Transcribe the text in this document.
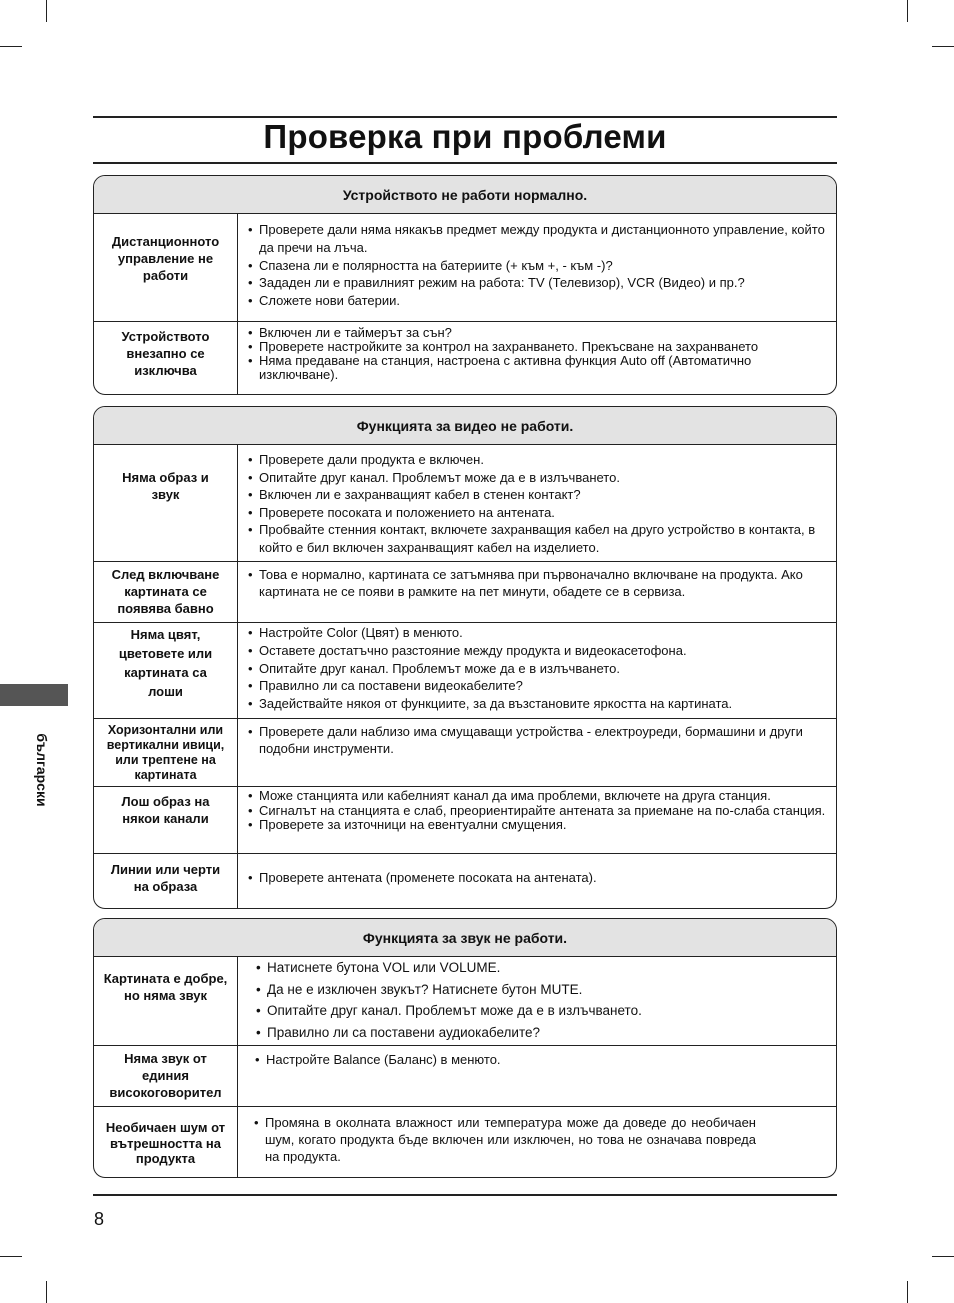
Проверка при проблеми
български
Устройството не работи нормално.
Дистанционното управление не работи
• Проверете дали няма някакъв предмет между продукта и дистанционното управление, който да пречи на лъча.
• Спазена ли е полярността на батериите (+ към +, - към -)?
• Зададен ли е правилният режим на работа: TV (Телевизор), VCR (Видео) и пр.?
• Сложете нови батерии.
Устройството внезапно се изключва
• Включен ли е таймерът за сън?
• Проверете настройките за контрол на захранването. Прекъсване на захранването
• Няма предаване на станция, настроена с активна функция Auto off (Автоматично изключване).
Функцията за видео не работи.
Няма образ и звук
• Проверете дали продукта е включен.
• Опитайте друг канал. Проблемът може да е в излъчването.
• Включен ли е захранващият кабел в стенен контакт?
• Проверете посоката и положението на антената.
• Пробвайте стенния контакт, включете захранващия кабел на друго устройство в контакта, в който е бил включен захранващият кабел на изделието.
След включване картината се появява бавно
• Това е нормално, картината се затъмнява при първоначално включване на продукта. Ако картината не се появи в рамките на пет минути, обадете се в сервиза.
Няма цвят, цветовете или картината са лоши
• Настройте Color (Цвят) в менюто.
• Оставете достатъчно разстояние между продукта и видеокасетофона.
• Опитайте друг канал. Проблемът може да е в излъчването.
• Правилно ли са поставени видеокабелите?
• Задействайте някоя от функциите, за да възстановите яркостта на картината.
Хоризонтални или вертикални ивици, или трептене на картината
• Проверете дали наблизо има смущаващи устройства - електроуреди, бормашини и други подобни инструменти.
Лош образ на някои канали
• Може станцията или кабелният канал да има проблеми, включете на друга станция.
• Сигналът на станцията е слаб, преориентирайте антената за приемане на по-слаба станция.
• Проверете за източници на евентуални смущения.
Линии или черти на образа
• Проверете антената (променете посоката на антената).
Функцията за звук не работи.
Картината е добре, но няма звук
• Натиснете бутона VOL или VOLUME.
• Да не е изключен звукът? Натиснете бутон MUTE.
• Опитайте друг канал. Проблемът може да е в излъчването.
• Правилно ли са поставени аудиокабелите?
Няма звук от единия високоговорител
• Настройте Balance (Баланс) в менюто.
Необичаен шум от вътрешността на продукта
• Промяна в околната влажност или температура може да доведе до необичаен шум, когато продукта бъде включен или изключен, но това не означава повреда на продукта.
8
